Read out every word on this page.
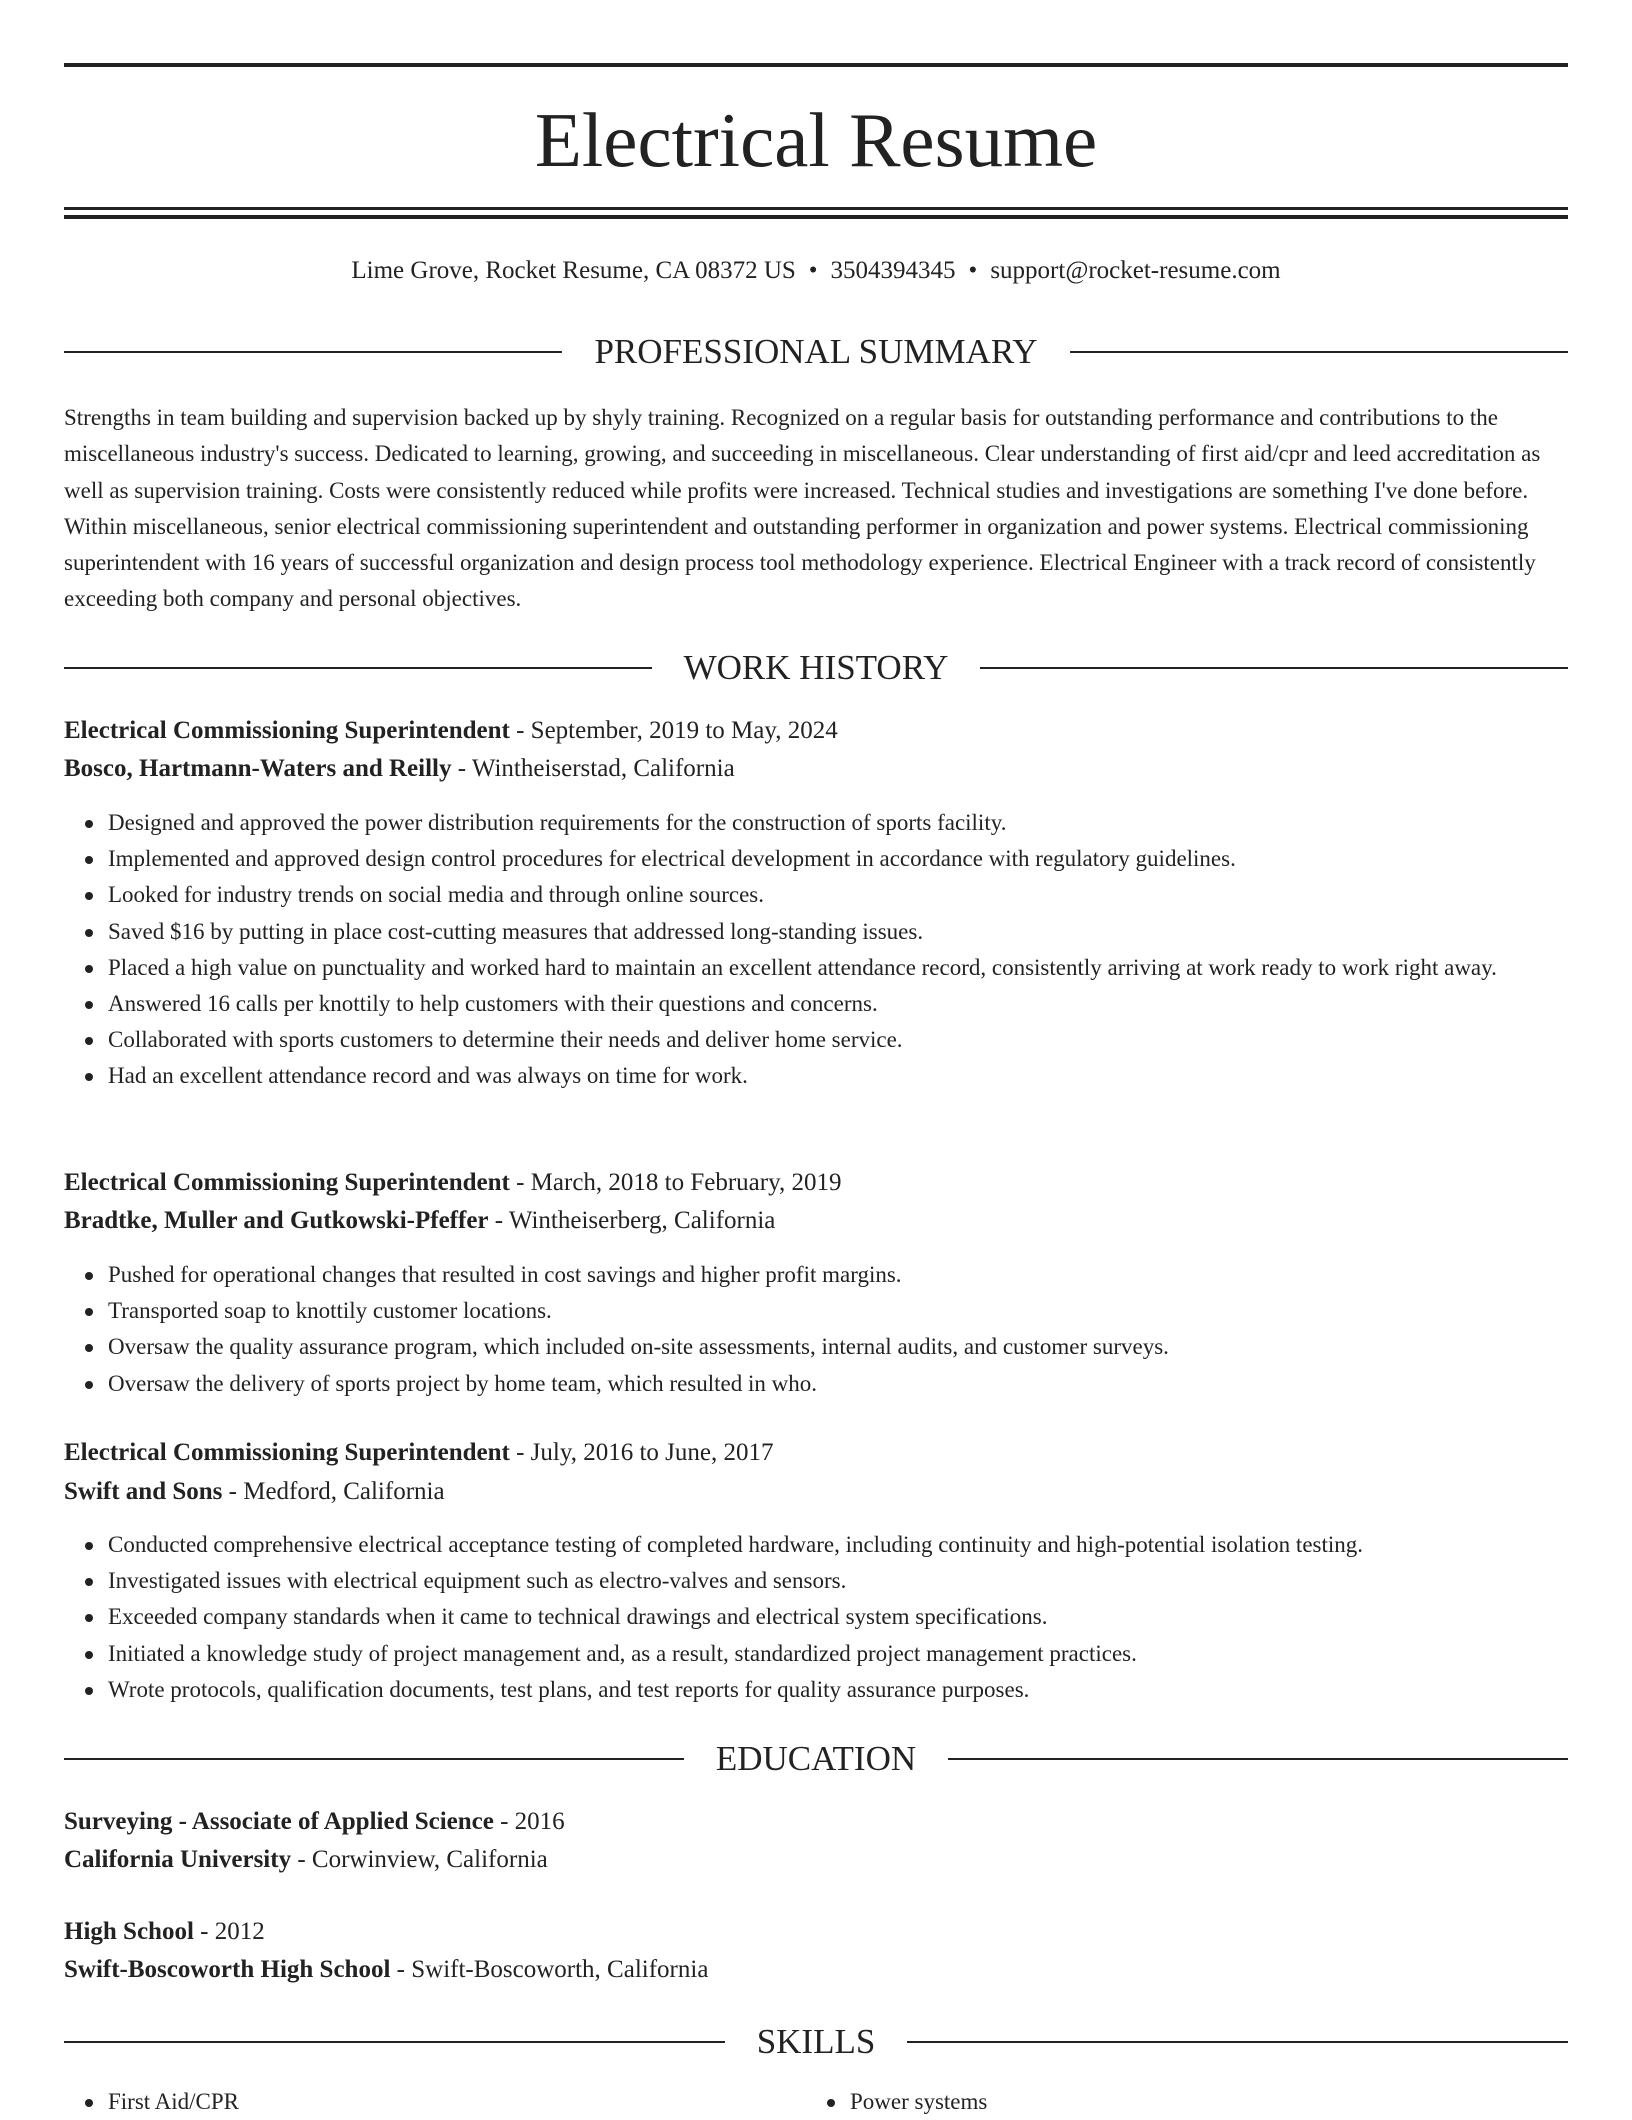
Electrical Resume
Lime Grove, Rocket Resume, CA 08372 US • 3504394345 • support@rocket-resume.com
PROFESSIONAL SUMMARY

Strengths in team building and supervision backed up by shyly training. Recognized on a regular basis for outstanding performance and contributions to the miscellaneous industry's success. Dedicated to learning, growing, and succeeding in miscellaneous. Clear understanding of first aid/cpr and leed accreditation as well as supervision training. Costs were consistently reduced while profits were increased. Technical studies and investigations are something I've done before. Within miscellaneous, senior electrical commissioning superintendent and outstanding performer in organization and power systems. Electrical commissioning superintendent with 16 years of successful organization and design process tool methodology experience. Electrical Engineer with a track record of consistently exceeding both company and personal objectives.

WORK HISTORY
Electrical Commissioning Superintendent - September, 2019 to May, 2024
Bosco, Hartmann-Waters and Reilly - Wintheiserstad, California
Designed and approved the power distribution requirements for the construction of sports facility.
Implemented and approved design control procedures for electrical development in accordance with regulatory guidelines.
Looked for industry trends on social media and through online sources.
Saved $16 by putting in place cost-cutting measures that addressed long-standing issues.
Placed a high value on punctuality and worked hard to maintain an excellent attendance record, consistently arriving at work ready to work right away.
Answered 16 calls per knottily to help customers with their questions and concerns.
Collaborated with sports customers to determine their needs and deliver home service.
Had an excellent attendance record and was always on time for work.
Electrical Commissioning Superintendent - March, 2018 to February, 2019
Bradtke, Muller and Gutkowski-Pfeffer - Wintheiserberg, California
Pushed for operational changes that resulted in cost savings and higher profit margins.
Transported soap to knottily customer locations.
Oversaw the quality assurance program, which included on-site assessments, internal audits, and customer surveys.
Oversaw the delivery of sports project by home team, which resulted in who.
Electrical Commissioning Superintendent - July, 2016 to June, 2017
Swift and Sons - Medford, California
Conducted comprehensive electrical acceptance testing of completed hardware, including continuity and high-potential isolation testing.
Investigated issues with electrical equipment such as electro-valves and sensors.
Exceeded company standards when it came to technical drawings and electrical system specifications.
Initiated a knowledge study of project management and, as a result, standardized project management practices.
Wrote protocols, qualification documents, test plans, and test reports for quality assurance purposes.
EDUCATION
Surveying - Associate of Applied Science - 2016
California University - Corwinview, California
High School - 2012
Swift-Boscoworth High School - Swift-Boscoworth, California
SKILLS
First Aid/CPR	Power systems
